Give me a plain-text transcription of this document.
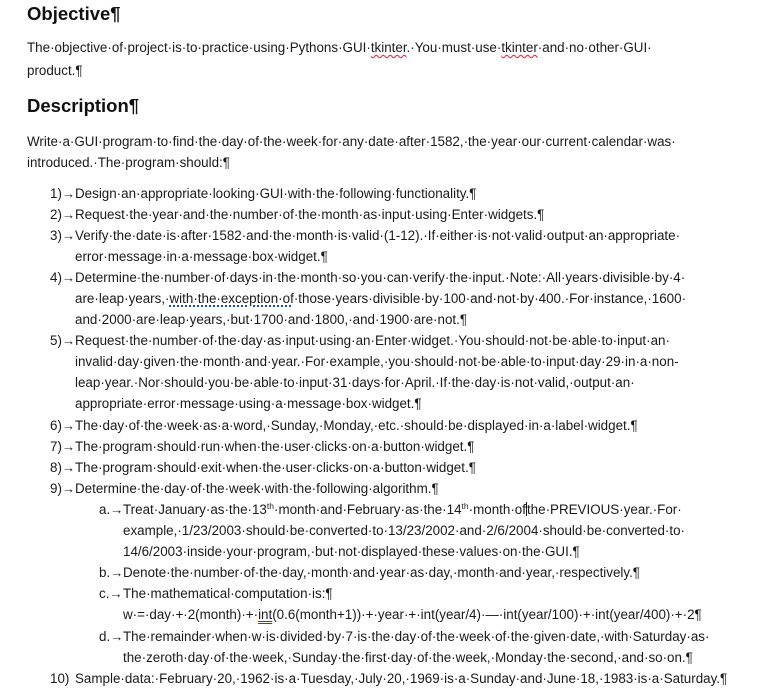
Objective¶
The·objective·of·project·is·to·practice·using·Pythons·GUI·tkinter.·You·must·use·tkinter·and·no·other·GUI·
product.¶
Description¶
Write·a·GUI·program·to·find·the·day·of·the·week·for·any·date·after·1582,·the·year·our·current·calendar·was·
introduced.·The·program·should:¶
1)→ Design·an·appropriate·looking·GUI·with·the·following·functionality.¶
2)→ Request·the·year·and·the·number·of·the·month·as·input·using·Enter·widgets.¶
3)→ Verify·the·date·is·after·1582·and·the·month·is·valid·(1-12).·If·either·is·not·valid·output·an·appropriate·
error·message·in·a·message·box·widget.¶
4)→ Determine·the·number·of·days·in·the·month·so·you·can·verify·the·input.·Note:·All·years·divisible·by·4·
are·leap·years,·with·the·exception·of·those·years·divisible·by·100·and·not·by·400.·For·instance,·1600·
and·2000·are·leap·years,·but·1700·and·1800,·and·1900·are·not.¶
5)→ Request·the·number·of·the·day·as·input·using·an·Enter·widget.·You·should·not·be·able·to·input·an·
invalid·day·given·the·month·and·year.·For·example,·you·should·not·be·able·to·input·day·29·in·a·non-
leap·year.·Nor·should·you·be·able·to·input·31·days·for·April.·If·the·day·is·not·valid,·output·an·
appropriate·error·message·using·a·message·box·widget.¶
6)→ The·day·of·the·week·as·a·word,·Sunday,·Monday,·etc.·should·be·displayed·in·a·label·widget.¶
7)→ The·program·should·run·when·the·user·clicks·on·a·button·widget.¶
8)→ The·program·should·exit·when·the·user·clicks·on·a·button·widget.¶
9)→ Determine·the·day·of·the·week·with·the·following·algorithm.¶
a.→ Treat·January·as·the·13th·month·and·February·as·the·14th·month·ofthe·PREVIOUS·year.·For·
example,·1/23/2003·should·be·converted·to·13/23/2002·and·2/6/2004·should·be·converted·to·
14/6/2003·inside·your·program,·but·not·displayed·these·values·on·the·GUI.¶
b.→ Denote·the·number·of·the·day,·month·and·year·as·day,·month·and·year,·respectively.¶
c.→ The·mathematical·computation·is:¶
w·=·day·+·2(month)·+·int(0.6(month+1))·+·year·+·int(year/4)·—·int(year/100)·+·int(year/400)·+·2¶
d.→ The·remainder·when·w·is·divided·by·7·is·the·day·of·the·week·of·the·given·date,·with·Saturday·as·
the·zeroth·day·of·the·week,·Sunday·the·first·day·of·the·week,·Monday·the·second,·and·so·on.¶
10) Sample·data:·February·20,·1962·is·a·Tuesday,·July·20,·1969·is·a·Sunday·and·June·18,·1983·is·a·Saturday.¶
